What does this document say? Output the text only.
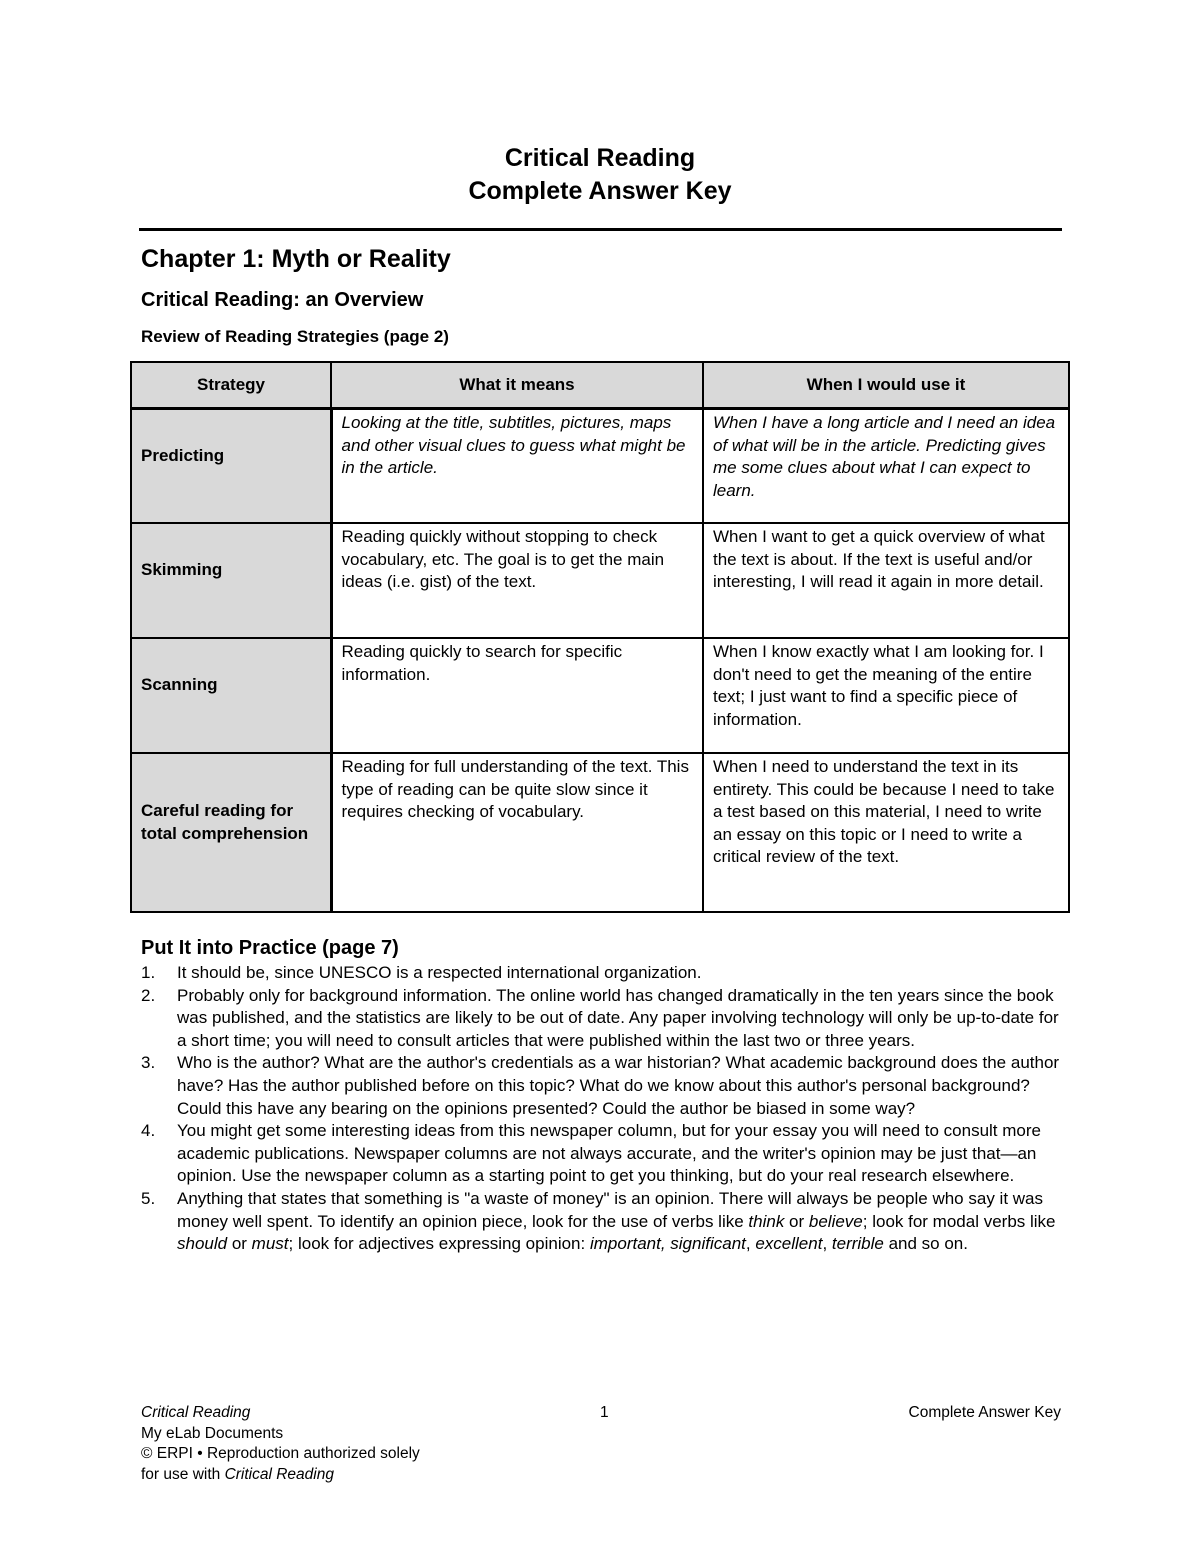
Critical Reading
Complete Answer Key
Chapter 1: Myth or Reality
Critical Reading: an Overview
Review of Reading Strategies (page 2)
Strategy	What it means	When I would use it

Predicting	Looking at the title, subtitles, pictures, maps and other visual clues to guess what might be in the article.	When I have a long article and I need an idea of what will be in the article. Predicting gives me some clues about what I can expect to learn.

Skimming	Reading quickly without stopping to check vocabulary, etc. The goal is to get the main ideas (i.e. gist) of the text.	When I want to get a quick overview of what the text is about. If the text is useful and/or interesting, I will read it again in more detail.

Scanning	Reading quickly to search for specific information.	When I know exactly what I am looking for. I don't need to get the meaning of the entire text; I just want to find a specific piece of information.

Careful reading for total comprehension	Reading for full understanding of the text. This type of reading can be quite slow since it requires checking of vocabulary.	When I need to understand the text in its entirety. This could be because I need to take a test based on this material, I need to write an essay on this topic or I need to write a critical review of the text.
Put It into Practice (page 7)
1. It should be, since UNESCO is a respected international organization.
2. Probably only for background information. The online world has changed dramatically in the ten years since the book was published, and the statistics are likely to be out of date. Any paper involving technology will only be up-to-date for a short time; you will need to consult articles that were published within the last two or three years.
3. Who is the author? What are the author's credentials as a war historian? What academic background does the author have? Has the author published before on this topic? What do we know about this author's personal background? Could this have any bearing on the opinions presented? Could the author be biased in some way?
4. You might get some interesting ideas from this newspaper column, but for your essay you will need to consult more academic publications. Newspaper columns are not always accurate, and the writer's opinion may be just that—an opinion. Use the newspaper column as a starting point to get you thinking, but do your real research elsewhere.
5. Anything that states that something is "a waste of money" is an opinion. There will always be people who say it was money well spent. To identify an opinion piece, look for the use of verbs like think or believe; look for modal verbs like should or must; look for adjectives expressing opinion: important, significant, excellent, terrible and so on.
Critical Reading
My eLab Documents
© ERPI • Reproduction authorized solely
for use with Critical Reading
1	Complete Answer Key
